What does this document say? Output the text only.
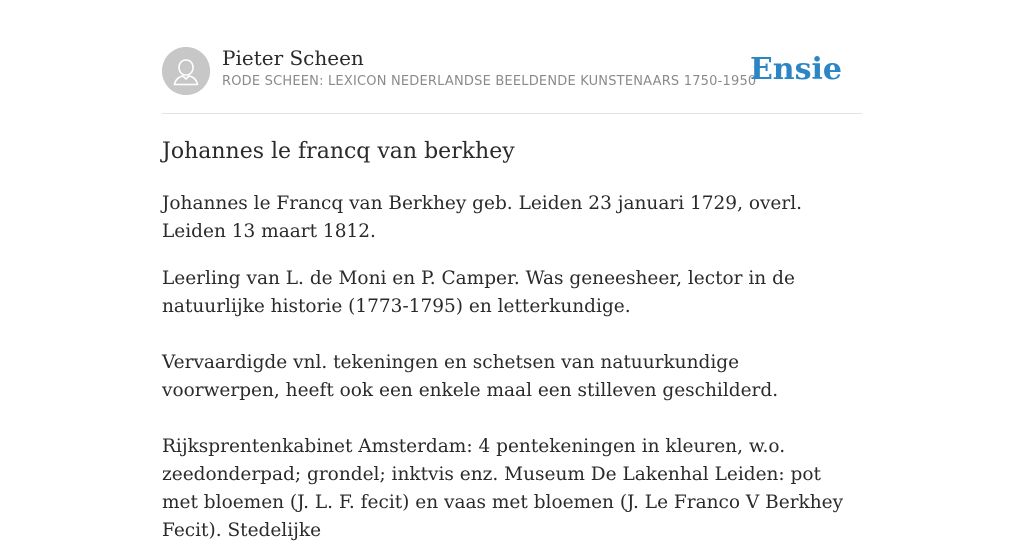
Pieter Scheen
RODE SCHEEN: LEXICON NEDERLANDSE BEELDENDE KUNSTENAARS 1750-1950
Ensie
Johannes le francq van berkhey

Johannes le Francq van Berkhey geb. Leiden 23 januari 1729, overl. Leiden 13 maart 1812.

Leerling van L. de Moni en P. Camper. Was geneesheer, lector in de natuurlijke historie (1773-1795) en letterkundige.

Vervaardigde vnl. tekeningen en schetsen van natuurkundige voorwerpen, heeft ook een enkele maal een stilleven geschilderd.

Rijksprentenkabinet Amsterdam: 4 pentekeningen in kleuren, w.o. zeedonderpad; grondel; inktvis enz. Museum De Lakenhal Leiden: pot met bloemen (J. L. F. fecit) en vaas met bloemen (J. Le Franco V Berkhey Fecit). Stedelijke
